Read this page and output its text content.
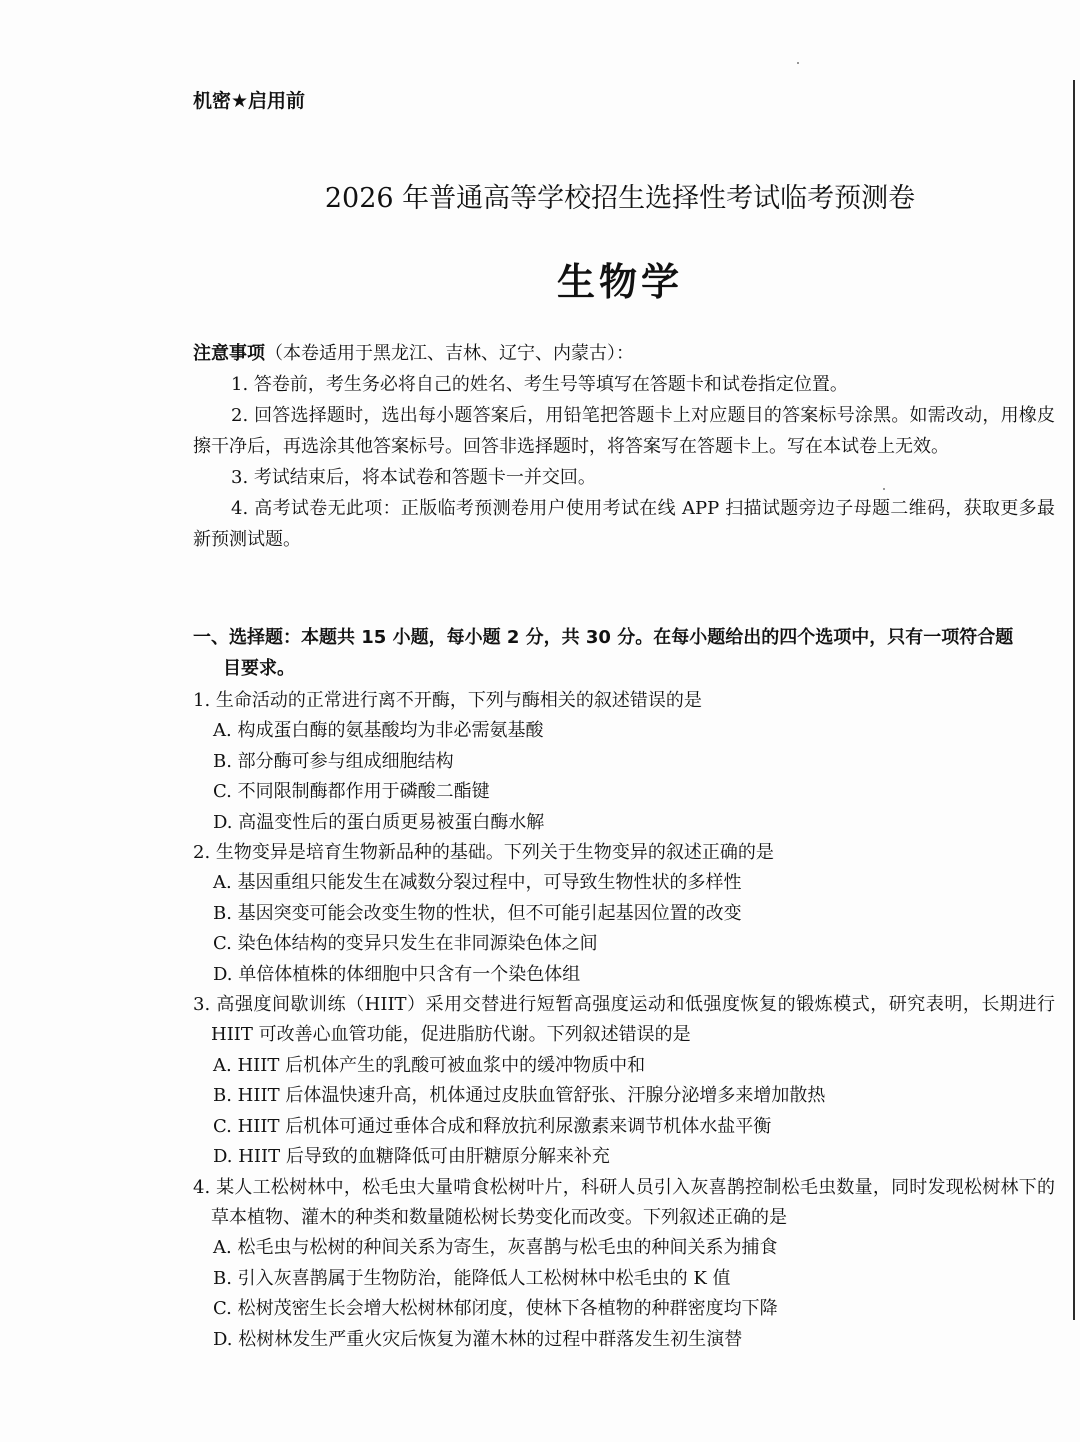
机密★启用前
2026 年普通高等学校招生选择性考试临考预测卷
生物学
注意事项（本卷适用于黑龙江、吉林、辽宁、内蒙古）：

1. 答卷前，考生务必将自己的姓名、考生号等填写在答题卡和试卷指定位置。

2. 回答选择题时，选出每小题答案后，用铅笔把答题卡上对应题目的答案标号涂黑。如需改动，用橡皮擦干净后，再选涂其他答案标号。回答非选择题时，将答案写在答题卡上。写在本试卷上无效。

3. 考试结束后，将本试卷和答题卡一并交回。

4. 高考试卷无此项：正版临考预测卷用户使用考试在线 APP 扫描试题旁边子母题二维码，获取更多最新预测试题。

一、选择题：本题共 15 小题，每小题 2 分，共 30 分。在每小题给出的四个选项中，只有一项符合题
目要求。
1. 生命活动的正常进行离不开酶，下列与酶相关的叙述错误的是
A. 构成蛋白酶的氨基酸均为非必需氨基酸
B. 部分酶可参与组成细胞结构
C. 不同限制酶都作用于磷酸二酯键
D. 高温变性后的蛋白质更易被蛋白酶水解
2. 生物变异是培育生物新品种的基础。下列关于生物变异的叙述正确的是
A. 基因重组只能发生在减数分裂过程中，可导致生物性状的多样性
B. 基因突变可能会改变生物的性状，但不可能引起基因位置的改变
C. 染色体结构的变异只发生在非同源染色体之间
D. 单倍体植株的体细胞中只含有一个染色体组
3. 高强度间歇训练（HIIT）采用交替进行短暂高强度运动和低强度恢复的锻炼模式，研究表明，长期进行 HIIT 可改善心血管功能，促进脂肪代谢。下列叙述错误的是
A. HIIT 后机体产生的乳酸可被血浆中的缓冲物质中和
B. HIIT 后体温快速升高，机体通过皮肤血管舒张、汗腺分泌增多来增加散热
C. HIIT 后机体可通过垂体合成和释放抗利尿激素来调节机体水盐平衡
D. HIIT 后导致的血糖降低可由肝糖原分解来补充
4. 某人工松树林中，松毛虫大量啃食松树叶片，科研人员引入灰喜鹊控制松毛虫数量，同时发现松树林下的草本植物、灌木的种类和数量随松树长势变化而改变。下列叙述正确的是
A. 松毛虫与松树的种间关系为寄生，灰喜鹊与松毛虫的种间关系为捕食
B. 引入灰喜鹊属于生物防治，能降低人工松树林中松毛虫的 K 值
C. 松树茂密生长会增大松树林郁闭度，使林下各植物的种群密度均下降
D. 松树林发生严重火灾后恢复为灌木林的过程中群落发生初生演替
